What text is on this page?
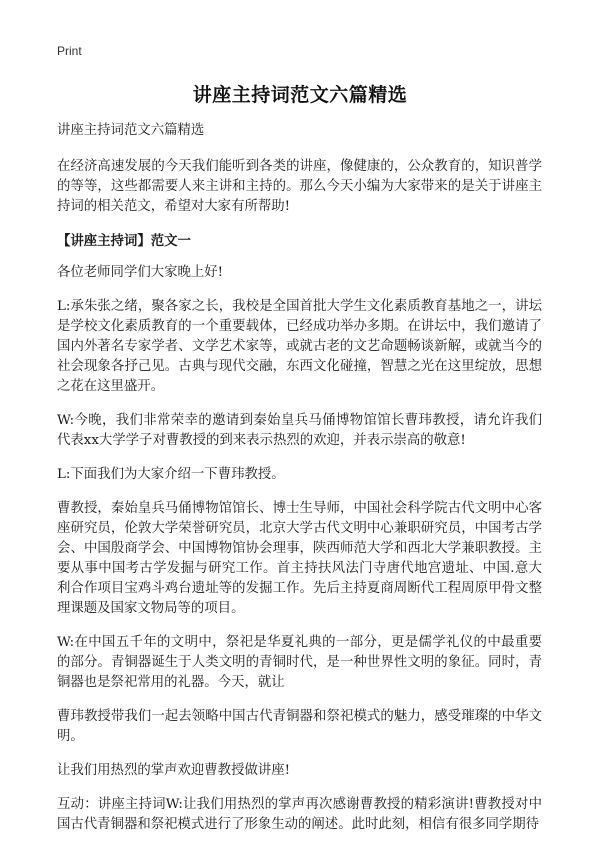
Print
讲座主持词范文六篇精选

讲座主持词范文六篇精选

在经济高速发展的今天我们能听到各类的讲座，像健康的，公众教育的，知识普学的等等，这些都需要人来主讲和主持的。那么今天小编为大家带来的是关于讲座主持词的相关范文，希望对大家有所帮助!

【讲座主持词】范文一

各位老师同学们大家晚上好!

L:承朱张之绪，聚各家之长，我校是全国首批大学生文化素质教育基地之一，讲坛是学校文化素质教育的一个重要载体，已经成功举办多期。在讲坛中，我们邀请了国内外著名专家学者、文学艺术家等，或就古老的文艺命题畅谈新解，或就当今的社会现象各抒己见。古典与现代交融，东西文化碰撞，智慧之光在这里绽放，思想之花在这里盛开。

W:今晚，我们非常荣幸的邀请到秦始皇兵马俑博物馆馆长曹玮教授，请允许我们代表xx大学学子对曹教授的到来表示热烈的欢迎，并表示崇高的敬意!

L:下面我们为大家介绍一下曹玮教授。

曹教授，秦始皇兵马俑博物馆馆长、博士生导师，中国社会科学院古代文明中心客座研究员，伦敦大学荣誉研究员，北京大学古代文明中心兼职研究员，中国考古学会、中国殷商学会、中国博物馆协会理事，陕西师范大学和西北大学兼职教授。主要从事中国考古学发掘与研究工作。首主持扶风法门寺唐代地宫遗址、中国.意大利合作项目宝鸡斗鸡台遗址等的发掘工作。先后主持夏商周断代工程周原甲骨文整理课题及国家文物局等的项目。

W:在中国五千年的文明中，祭祀是华夏礼典的一部分，更是儒学礼仪的中最重要的部分。青铜器诞生于人类文明的青铜时代，是一种世界性文明的象征。同时，青铜器也是祭祀常用的礼器。今天，就让

曹玮教授带我们一起去领略中国古代青铜器和祭祀模式的魅力，感受璀璨的中华文明。

让我们用热烈的掌声欢迎曹教授做讲座!

互动：讲座主持词W:让我们用热烈的掌声再次感谢曹教授的精彩演讲!曹教授对中国古代青铜器和祭祀模式进行了形象生动的阐述。此时此刻，相信有很多同学期待
